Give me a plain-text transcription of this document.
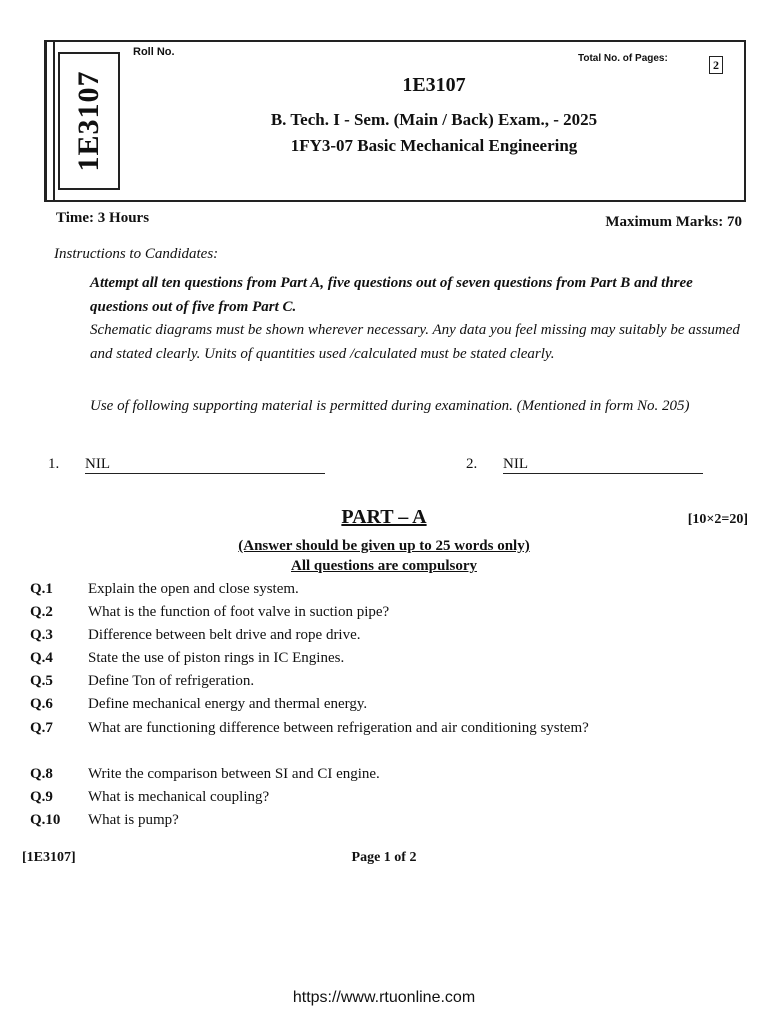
1E3107
Roll No.
Total No. of Pages:	2
1E3107
B. Tech. I - Sem. (Main / Back) Exam., - 2025
1FY3-07 Basic Mechanical Engineering
Time: 3 Hours	Maximum Marks: 70
Instructions to Candidates:
Attempt all ten questions from Part A, five questions out of seven questions from Part B and three questions out of five from Part C.
Schematic diagrams must be shown wherever necessary. Any data you feel missing may suitably be assumed and stated clearly. Units of quantities used /calculated must be stated clearly.
Use of following supporting material is permitted during examination. (Mentioned in form No. 205)
1. NIL	2. NIL
PART – A	[10×2=20]
(Answer should be given up to 25 words only)
All questions are compulsory
Q.1	Explain the open and close system.
Q.2	What is the function of foot valve in suction pipe?
Q.3	Difference between belt drive and rope drive.
Q.4	State the use of piston rings in IC Engines.
Q.5	Define Ton of refrigeration.
Q.6	Define mechanical energy and thermal energy.
Q.7	What are functioning difference between refrigeration and air conditioning system?
Q.8	Write the comparison between SI and CI engine.
Q.9	What is mechanical coupling?
Q.10	What is pump?
[1E3107]	Page 1 of 2
https://www.rtuonline.com
